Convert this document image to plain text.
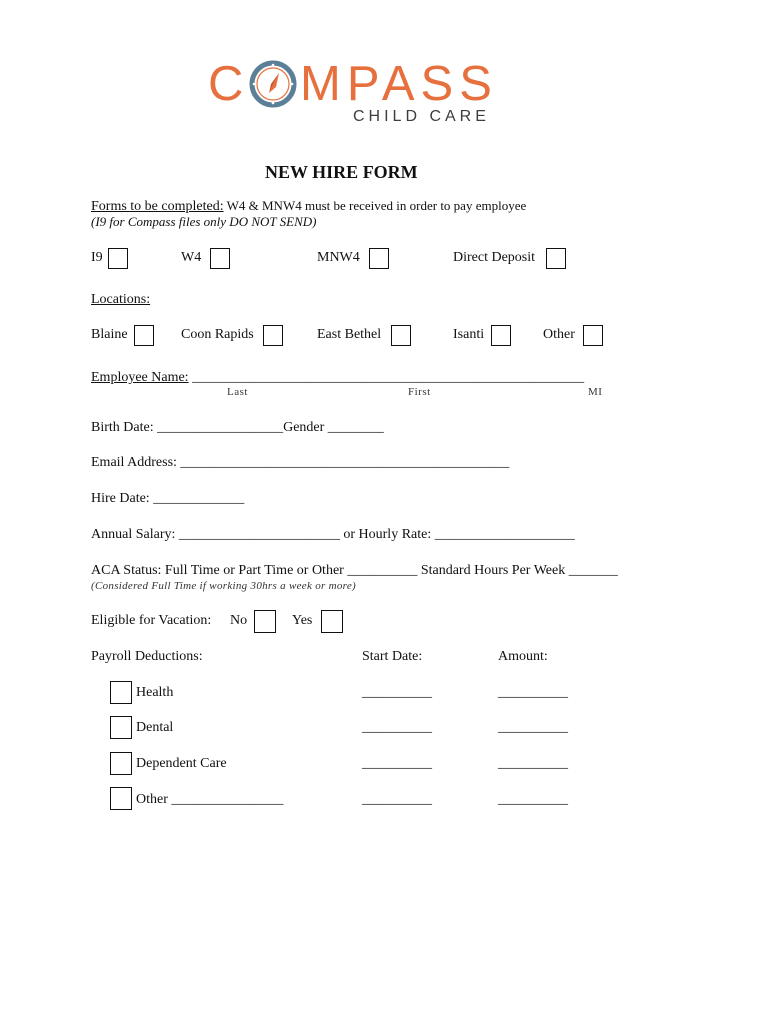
C MPASS
CHILD CARE
NEW HIRE FORM
Forms to be completed: W4 & MNW4 must be received in order to pay employee
(I9 for Compass files only DO NOT SEND)
I9	W4	MNW4	Direct Deposit
Locations:
Blaine	Coon Rapids	East Bethel	Isanti	Other
Employee Name: ________________________________________________________
Last	First	MI
Birth Date: __________________Gender ________
Email Address: _______________________________________________
Hire Date: _____________
Annual Salary: _______________________ or Hourly Rate: ____________________
ACA Status: Full Time or Part Time or Other __________ Standard Hours Per Week _______
(Considered Full Time if working 30hrs a week or more)
Eligible for Vacation: No	Yes
Payroll Deductions:	Start Date:	Amount:
Health	__________	__________
Dental	__________	__________
Dependent Care	__________	__________
Other ________________	__________	__________
